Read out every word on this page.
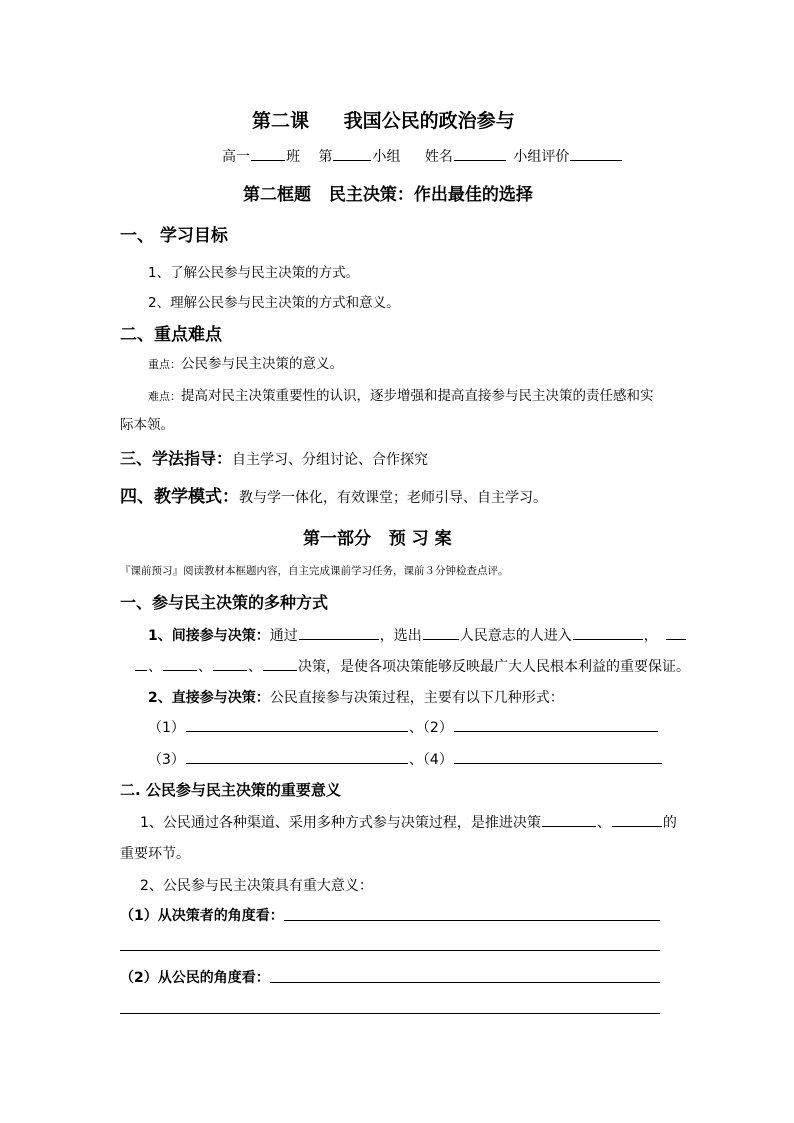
第二课 我国公民的政治参与
高一	班 第	小组 姓名	小组评价
第二框题 民主决策：作出最佳的选择
一、 学习目标
1、了解公民参与民主决策的方式。
2、理解公民参与民主决策的方式和意义。
二、重点难点
重点：公民参与民主决策的意义。
难点：提高对民主决策重要性的认识，逐步增强和提高直接参与民主决策的责任感和实
际本领。
三、学法指导：自主学习、分组讨论、合作探究
四、教学模式：教与学一体化，有效课堂；老师引导、自主学习。
第一部分   预 习 案
『课前预习』阅读教材本框题内容，自主完成课前学习任务，课前３分钟检查点评。
一、参与民主决策的多种方式
1、间接参与决策：通过	，选出	人民意志的人进入	，
、	、	、	决策，是使各项决策能够反映最广大人民根本利益的重要保证。
2、直接参与决策：公民直接参与决策过程，主要有以下几种形式：
（1）	、（2）
（3）	、（4）
二. 公民参与民主决策的重要意义
1、公民通过各种渠道、采用多种方式参与决策过程，是推进决策	、	的
重要环节。
2、公民参与民主决策具有重大意义：
（1）从决策者的角度看：
（2）从公民的角度看：
